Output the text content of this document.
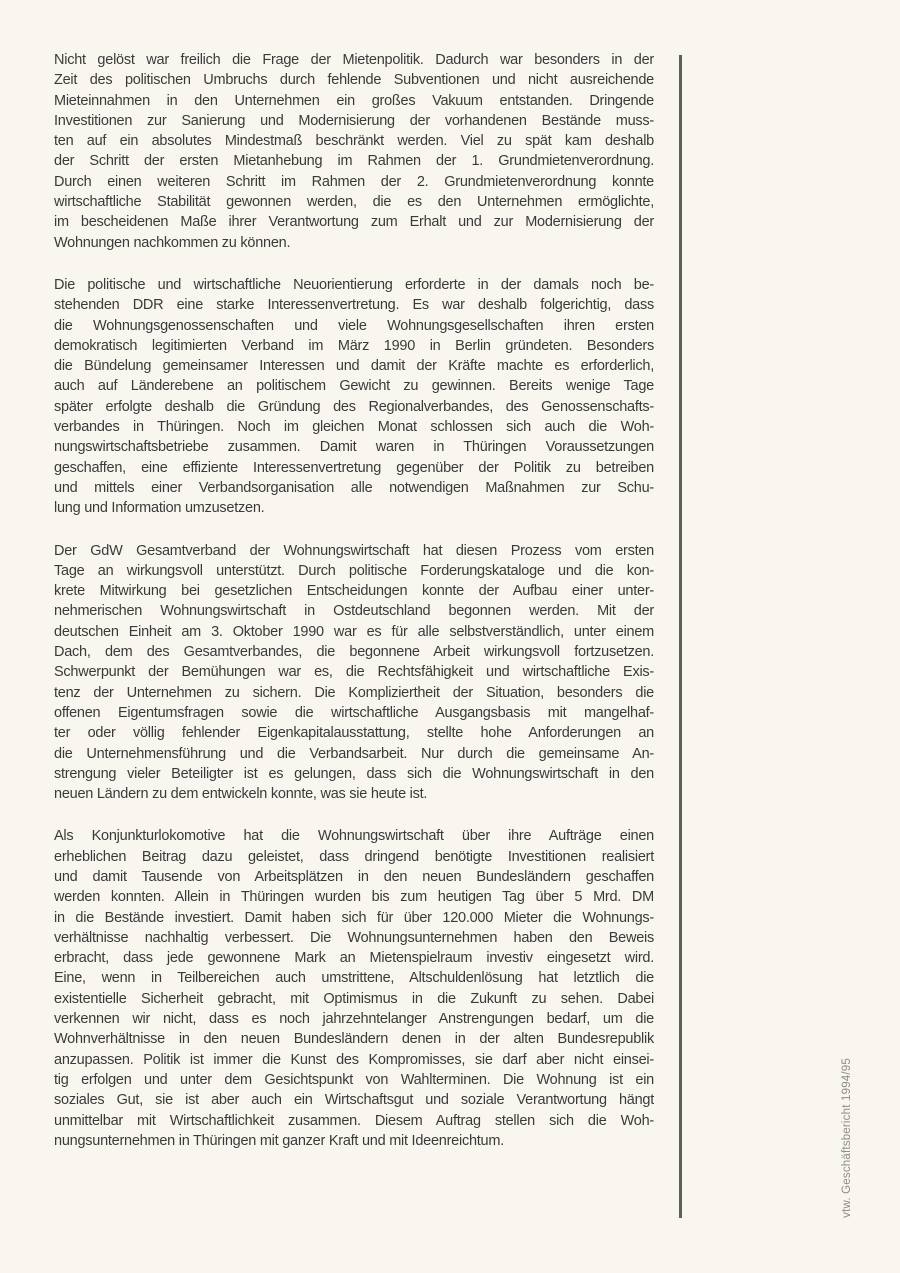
Nicht gelöst war freilich die Frage der Mietenpolitik. Dadurch war besonders in der
Zeit des politischen Umbruchs durch fehlende Subventionen und nicht ausreichende
Mieteinnahmen in den Unternehmen ein großes Vakuum entstanden. Dringende
Investitionen zur Sanierung und Modernisierung der vorhandenen Bestände muss-
ten auf ein absolutes Mindestmaß beschränkt werden. Viel zu spät kam deshalb
der Schritt der ersten Mietanhebung im Rahmen der 1. Grundmietenverordnung.
Durch einen weiteren Schritt im Rahmen der 2. Grundmietenverordnung konnte
wirtschaftliche Stabilität gewonnen werden, die es den Unternehmen ermöglichte,
im bescheidenen Maße ihrer Verantwortung zum Erhalt und zur Modernisierung der
Wohnungen nachkommen zu können.
Die politische und wirtschaftliche Neuorientierung erforderte in der damals noch be-
stehenden DDR eine starke Interessenvertretung. Es war deshalb folgerichtig, dass
die Wohnungsgenossenschaften und viele Wohnungsgesellschaften ihren ersten
demokratisch legitimierten Verband im März 1990 in Berlin gründeten. Besonders
die Bündelung gemeinsamer Interessen und damit der Kräfte machte es erforderlich,
auch auf Länderebene an politischem Gewicht zu gewinnen. Bereits wenige Tage
später erfolgte deshalb die Gründung des Regionalverbandes, des Genossenschafts-
verbandes in Thüringen. Noch im gleichen Monat schlossen sich auch die Woh-
nungswirtschaftsbetriebe zusammen. Damit waren in Thüringen Voraussetzungen
geschaffen, eine effiziente Interessenvertretung gegenüber der Politik zu betreiben
und mittels einer Verbandsorganisation alle notwendigen Maßnahmen zur Schu-
lung und Information umzusetzen.
Der GdW Gesamtverband der Wohnungswirtschaft hat diesen Prozess vom ersten
Tage an wirkungsvoll unterstützt. Durch politische Forderungskataloge und die kon-
krete Mitwirkung bei gesetzlichen Entscheidungen konnte der Aufbau einer unter-
nehmerischen Wohnungswirtschaft in Ostdeutschland begonnen werden. Mit der
deutschen Einheit am 3. Oktober 1990 war es für alle selbstverständlich, unter einem
Dach, dem des Gesamtverbandes, die begonnene Arbeit wirkungsvoll fortzusetzen.
Schwerpunkt der Bemühungen war es, die Rechtsfähigkeit und wirtschaftliche Exis-
tenz der Unternehmen zu sichern. Die Kompliziertheit der Situation, besonders die
offenen Eigentumsfragen sowie die wirtschaftliche Ausgangsbasis mit mangelhaf-
ter oder völlig fehlender Eigenkapitalausstattung, stellte hohe Anforderungen an
die Unternehmensführung und die Verbandsarbeit. Nur durch die gemeinsame An-
strengung vieler Beteiligter ist es gelungen, dass sich die Wohnungswirtschaft in den
neuen Ländern zu dem entwickeln konnte, was sie heute ist.
Als Konjunkturlokomotive hat die Wohnungswirtschaft über ihre Aufträge einen
erheblichen Beitrag dazu geleistet, dass dringend benötigte Investitionen realisiert
und damit Tausende von Arbeitsplätzen in den neuen Bundesländern geschaffen
werden konnten. Allein in Thüringen wurden bis zum heutigen Tag über 5 Mrd. DM
in die Bestände investiert. Damit haben sich für über 120.000 Mieter die Wohnungs-
verhältnisse nachhaltig verbessert. Die Wohnungsunternehmen haben den Beweis
erbracht, dass jede gewonnene Mark an Mietenspielraum investiv eingesetzt wird.
Eine, wenn in Teilbereichen auch umstrittene, Altschuldenlösung hat letztlich die
existentielle Sicherheit gebracht, mit Optimismus in die Zukunft zu sehen. Dabei
verkennen wir nicht, dass es noch jahrzehntelanger Anstrengungen bedarf, um die
Wohnverhältnisse in den neuen Bundesländern denen in der alten Bundesrepublik
anzupassen. Politik ist immer die Kunst des Kompromisses, sie darf aber nicht einsei-
tig erfolgen und unter dem Gesichtspunkt von Wahlterminen. Die Wohnung ist ein
soziales Gut, sie ist aber auch ein Wirtschaftsgut und soziale Verantwortung hängt
unmittelbar mit Wirtschaftlichkeit zusammen. Diesem Auftrag stellen sich die Woh-
nungsunternehmen in Thüringen mit ganzer Kraft und mit Ideenreichtum.	vtw. Geschäftsbericht 1994/95
